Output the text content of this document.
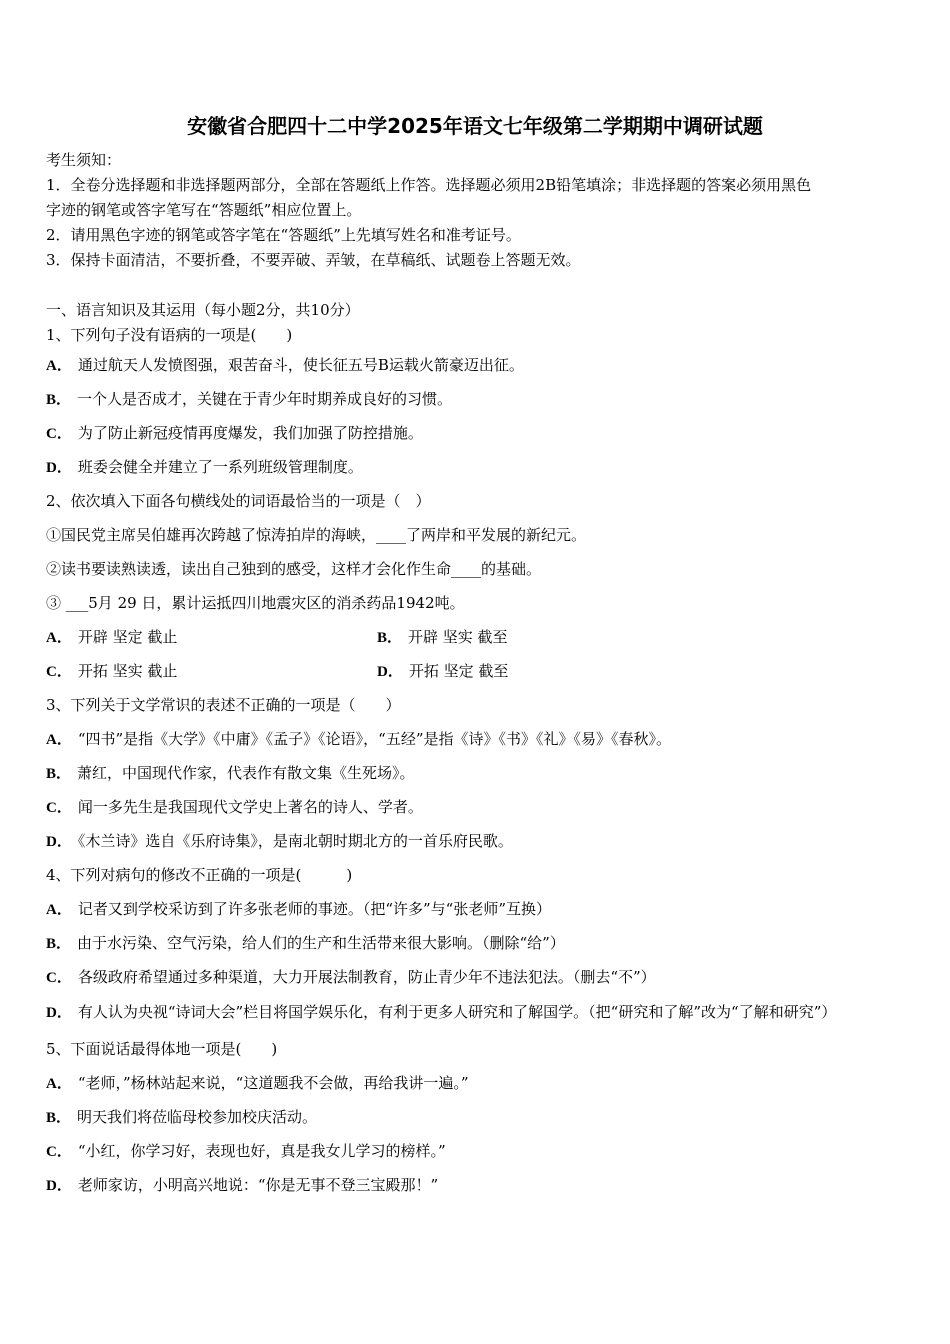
安徽省合肥四十二中学2025年语文七年级第二学期期中调研试题
考生须知：
1．全卷分选择题和非选择题两部分，全部在答题纸上作答。选择题必须用2B铅笔填涂；非选择题的答案必须用黑色
字迹的钢笔或答字笔写在“答题纸”相应位置上。
2．请用黑色字迹的钢笔或答字笔在“答题纸”上先填写姓名和准考证号。
3．保持卡面清洁，不要折叠，不要弄破、弄皱，在草稿纸、试题卷上答题无效。
一、语言知识及其运用（每小题2分，共10分）
1、下列句子没有语病的一项是(　　)
A． 通过航天人发愤图强，艰苦奋斗，使长征五号B运载火箭豪迈出征。
B． 一个人是否成才，关键在于青少年时期养成良好的习惯。
C． 为了防止新冠疫情再度爆发，我们加强了防控措施。
D． 班委会健全并建立了一系列班级管理制度。
2、依次填入下面各句横线处的词语最恰当的一项是（　）
①国民党主席吴伯雄再次跨越了惊涛拍岸的海峡，____了两岸和平发展的新纪元。
②读书要读熟读透，读出自己独到的感受，这样才会化作生命____的基础。
③ ___5月 29 日，累计运抵四川地震灾区的消杀药品1942吨。
A． 开辟 坚定 截止	B． 开辟 坚实 截至
C． 开拓 坚实 截止	D． 开拓 坚定 截至
3、下列关于文学常识的表述不正确的一项是（　　）
A． “四书”是指《大学》《中庸》《孟子》《论语》，“五经”是指《诗》《书》《礼》《易》《春秋》。
B． 萧红，中国现代作家，代表作有散文集《生死场》。
C． 闻一多先生是我国现代文学史上著名的诗人、学者。
D． 《木兰诗》选自《乐府诗集》，是南北朝时期北方的一首乐府民歌。
4、下列对病句的修改不正确的一项是(　　　)
A． 记者又到学校采访到了许多张老师的事迹。（把“许多”与“张老师”互换）
B． 由于水污染、空气污染，给人们的生产和生活带来很大影响。（删除“给”）
C． 各级政府希望通过多种渠道，大力开展法制教育，防止青少年不违法犯法。（删去“不”）
D． 有人认为央视“诗词大会”栏目将国学娱乐化，有利于更多人研究和了解国学。（把“研究和了解”改为“了解和研究”）
5、下面说话最得体地一项是(　　)
A． “老师，”杨林站起来说，“这道题我不会做，再给我讲一遍。”
B． 明天我们将莅临母校参加校庆活动。
C． “小红，你学习好，表现也好，真是我女儿学习的榜样。”
D． 老师家访，小明高兴地说：“你是无事不登三宝殿那！”
